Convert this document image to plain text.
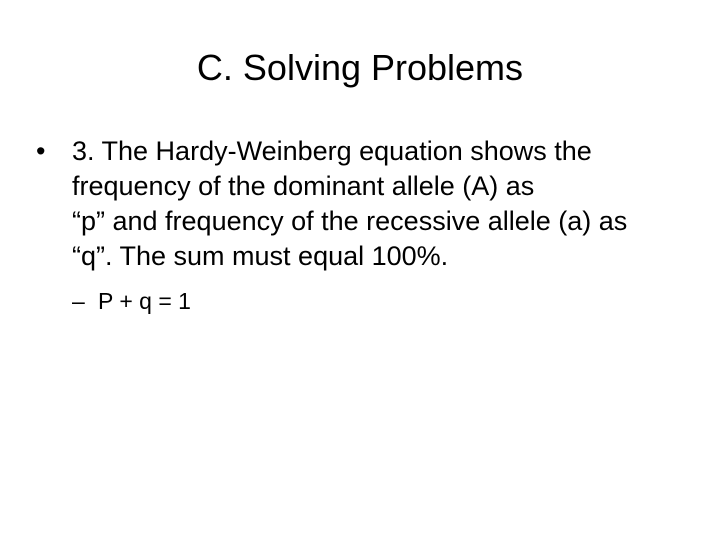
C. Solving Problems
• 3. The Hardy-Weinberg equation shows the
frequency of the dominant allele (A) as
“p” and frequency of the recessive allele (a) as
“q”. The sum must equal 100%.
– P + q = 1
